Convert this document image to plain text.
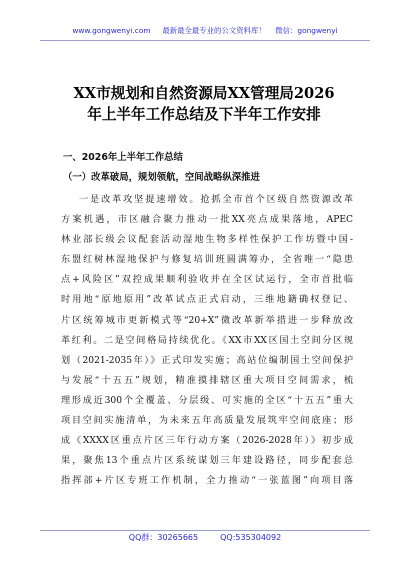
www.gongwenyi.com 最新最全最专业的公文资料库！ 微信：gongwenyi
XX市规划和自然资源局XX管理局2026
年上半年工作总结及下半年工作安排
一、2026年上半年工作总结
（一）改革破局，规划领航，空间战略纵深推进
一是改革攻坚提速增效。抢抓全市首个区级自然资源改革
方案机遇，市区融合聚力推动一批XX亮点成果落地，APEC
林业部长级会议配套活动湿地生物多样性保护工作坊暨中国-
东盟红树林湿地保护与修复培训班圆满筹办，全省唯一“隐患
点+风险区”双控成果顺利验收并在全区试运行，全市首批临
时用地“原地原用”改革试点正式启动，三维地籍确权登记、
片区统筹城市更新模式等“20+X”微改革新举措进一步释放改
革红利。二是空间格局持续优化。《XX市XX区国土空间分区规
划（2021-2035年）》正式印发实施；高站位编制国土空间保护
与发展“十五五”规划，精准摸排辖区重大项目空间需求，梳
理形成近300个全覆盖、分层级、可实施的全区“十五五”重大
项目空间实施清单，为未来五年高质量发展筑牢空间底座；形
成《XXXX区重点片区三年行动方案（2026-2028年）》初步成
果，聚焦13个重点片区系统谋划三年建设路径，同步配套总
指挥部+片区专班工作机制，全力推动“一张蓝图”向项目落
QQ群：30265665	QQ:535304092
